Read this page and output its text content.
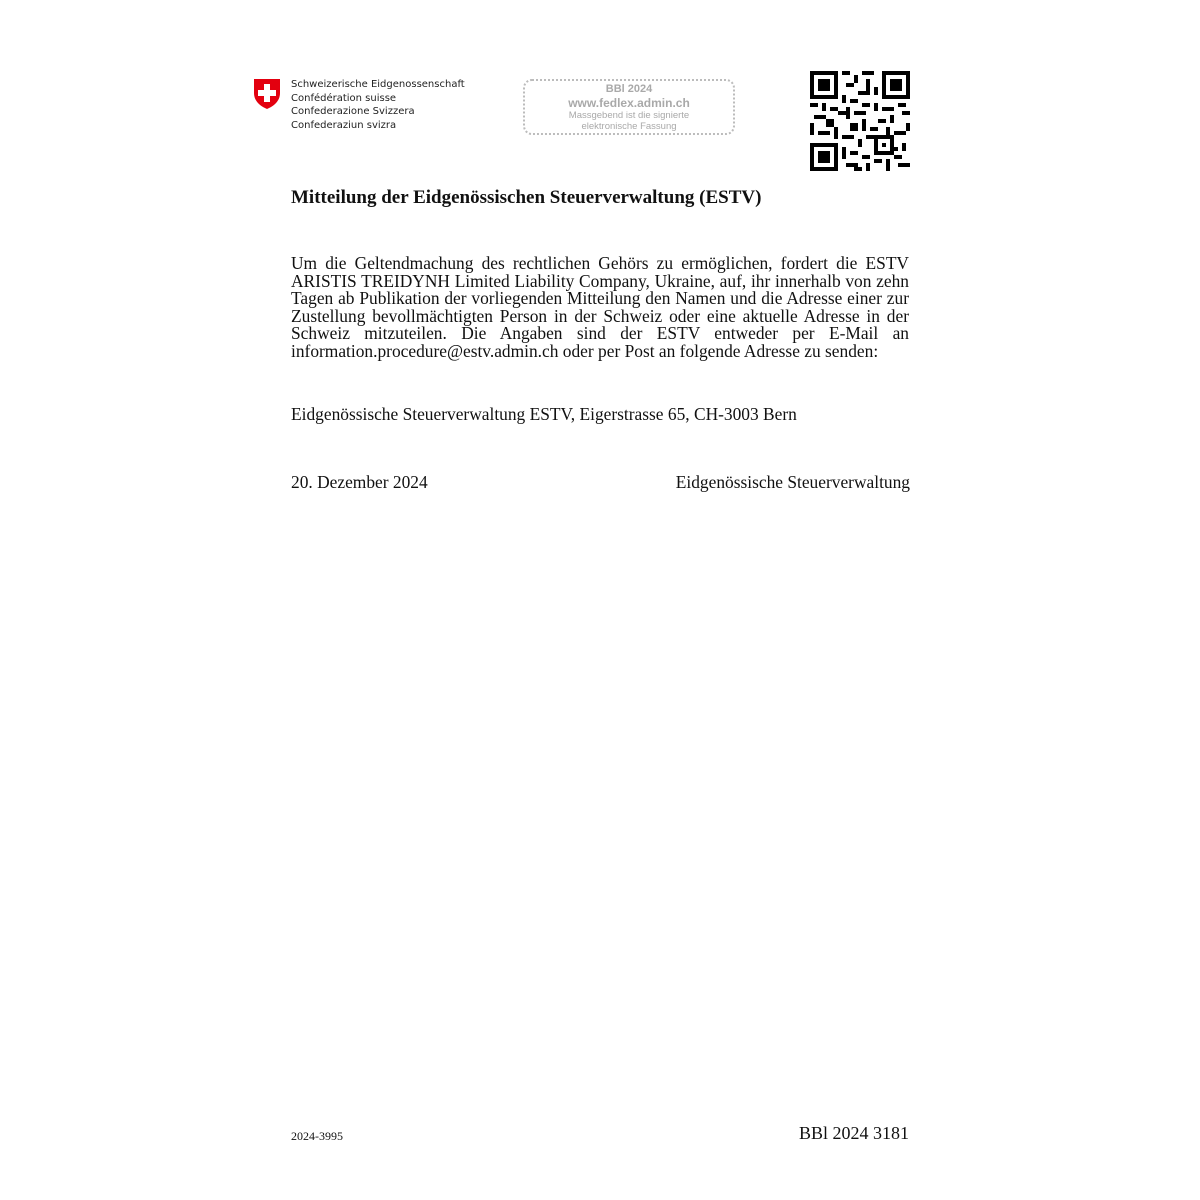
Schweizerische Eidgenossenschaft
Confédération suisse
Confederazione Svizzera
Confederaziun svizra
BBl 2024
www.fedlex.admin.ch
Massgebend ist die signierte
elektronische Fassung
Mitteilung der Eidgenössischen Steuerverwaltung (ESTV)
Um die Geltendmachung des rechtlichen Gehörs zu ermöglichen, fordert die ESTV ARISTIS TREIDYNH Limited Liability Company, Ukraine, auf, ihr innerhalb von zehn Tagen ab Publikation der vorliegenden Mitteilung den Namen und die Adresse einer zur Zustellung bevollmächtigten Person in der Schweiz oder eine aktuelle Adresse in der Schweiz mitzuteilen. Die Angaben sind der ESTV entweder per E-Mail an information.procedure@estv.admin.ch oder per Post an folgende Adresse zu senden:
Eidgenössische Steuerverwaltung ESTV, Eigerstrasse 65, CH-3003 Bern
20. Dezember 2024	Eidgenössische Steuerverwaltung
2024-3995	BBl 2024 3181
